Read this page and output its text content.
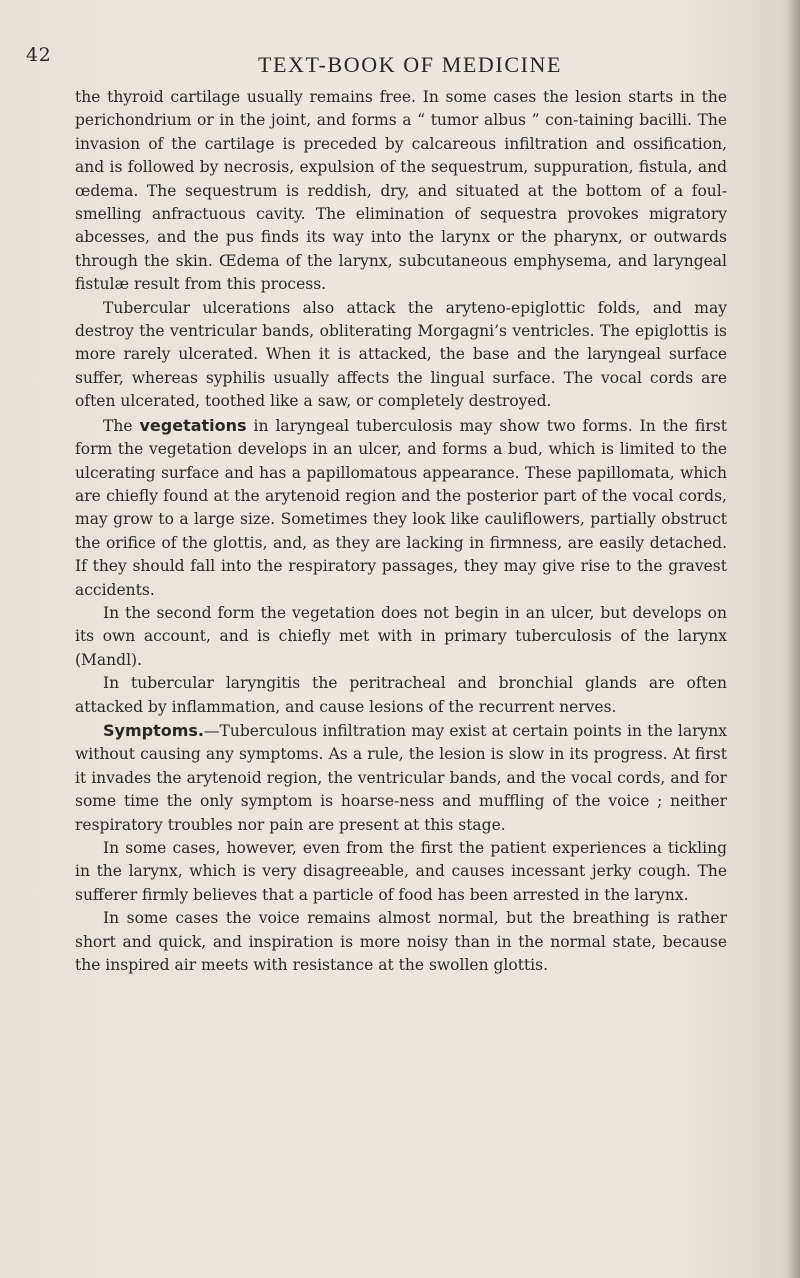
42	TEXT-BOOK OF MEDICINE

the thyroid cartilage usually remains free. In some cases the lesion starts in the perichondrium or in the joint, and forms a “ tumor albus ” con-taining bacilli. The invasion of the cartilage is preceded by calcareous infiltration and ossification, and is followed by necrosis, expulsion of the sequestrum, suppuration, fistula, and œdema. The sequestrum is reddish, dry, and situated at the bottom of a foul-smelling anfractuous cavity. The elimination of sequestra provokes migratory abcesses, and the pus finds its way into the larynx or the pharynx, or outwards through the skin. Œdema of the larynx, subcutaneous emphysema, and laryngeal fistulæ result from this process.

Tubercular ulcerations also attack the aryteno-epiglottic folds, and may destroy the ventricular bands, obliterating Morgagni’s ventricles. The epiglottis is more rarely ulcerated. When it is attacked, the base and the laryngeal surface suffer, whereas syphilis usually affects the lingual surface. The vocal cords are often ulcerated, toothed like a saw, or completely destroyed.

The vegetations in laryngeal tuberculosis may show two forms. In the first form the vegetation develops in an ulcer, and forms a bud, which is limited to the ulcerating surface and has a papillomatous appearance. These papillomata, which are chiefly found at the arytenoid region and the posterior part of the vocal cords, may grow to a large size. Sometimes they look like cauliflowers, partially obstruct the orifice of the glottis, and, as they are lacking in firmness, are easily detached. If they should fall into the respiratory passages, they may give rise to the gravest accidents.

In the second form the vegetation does not begin in an ulcer, but develops on its own account, and is chiefly met with in primary tuberculosis of the larynx (Mandl).

In tubercular laryngitis the peritracheal and bronchial glands are often attacked by inflammation, and cause lesions of the recurrent nerves.

Symptoms.—Tuberculous infiltration may exist at certain points in the larynx without causing any symptoms. As a rule, the lesion is slow in its progress. At first it invades the arytenoid region, the ventricular bands, and the vocal cords, and for some time the only symptom is hoarse-ness and muffling of the voice ; neither respiratory troubles nor pain are present at this stage.

In some cases, however, even from the first the patient experiences a tickling in the larynx, which is very disagreeable, and causes incessant jerky cough. The sufferer firmly believes that a particle of food has been arrested in the larynx.

In some cases the voice remains almost normal, but the breathing is rather short and quick, and inspiration is more noisy than in the normal state, because the inspired air meets with resistance at the swollen glottis.
